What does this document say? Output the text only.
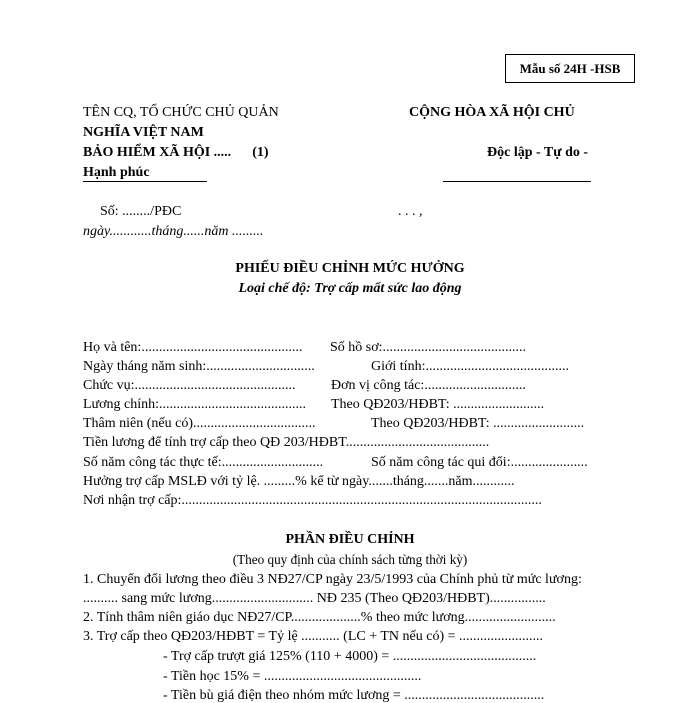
Mẫu số 24H -HSB
TÊN CQ, TỔ CHỨC CHỦ QUẢN	CỘNG HÒA XÃ HỘI CHỦ
NGHĨA VIỆT NAM
BẢO HIỂM XÃ HỘI ..... (1)	Độc lập - Tự do -
Hạnh phúc
Số: ......../PĐC	. . . ,
ngày............tháng......năm .........
PHIẾU ĐIỀU CHỈNH MỨC HƯỞNG
Loại chế độ: Trợ cấp mất sức lao động
Họ và tên:.............................................. Số hồ sơ:.........................................
Ngày tháng năm sinh:...............................	Giới tính:.........................................
Chức vụ:..............................................	Đơn vị công tác:.............................
Lương chính:.......................................... Theo QĐ203/HĐBT: ..........................
Thâm niên (nếu có)...................................	Theo QĐ203/HĐBT: ..........................
Tiền lương để tính trợ cấp theo QĐ 203/HĐBT.........................................
Số năm công tác thực tế:.............................	Số năm công tác qui đổi:......................
Hưởng trợ cấp MSLĐ với tỷ lệ. .........% kể từ ngày.......tháng.......năm............
Nơi nhận trợ cấp:.......................................................................................................
PHẦN ĐIỀU CHỈNH
(Theo quy định của chính sách từng thời kỳ)
1. Chuyển đổi lương theo điều 3 NĐ27/CP ngày 23/5/1993 của Chính phủ từ mức lương:
.......... sang mức lương............................. NĐ 235 (Theo QĐ203/HĐBT)................
2. Tính thâm niên giáo dục NĐ27/CP....................% theo mức lương..........................
3. Trợ cấp theo QĐ203/HĐBT = Tỷ lệ ........... (LC + TN nếu có) = ........................
- Trợ cấp trượt giá 125% (110 + 4000) = .........................................
- Tiền học 15% = .............................................
- Tiền bù giá điện theo nhóm mức lương = ........................................
